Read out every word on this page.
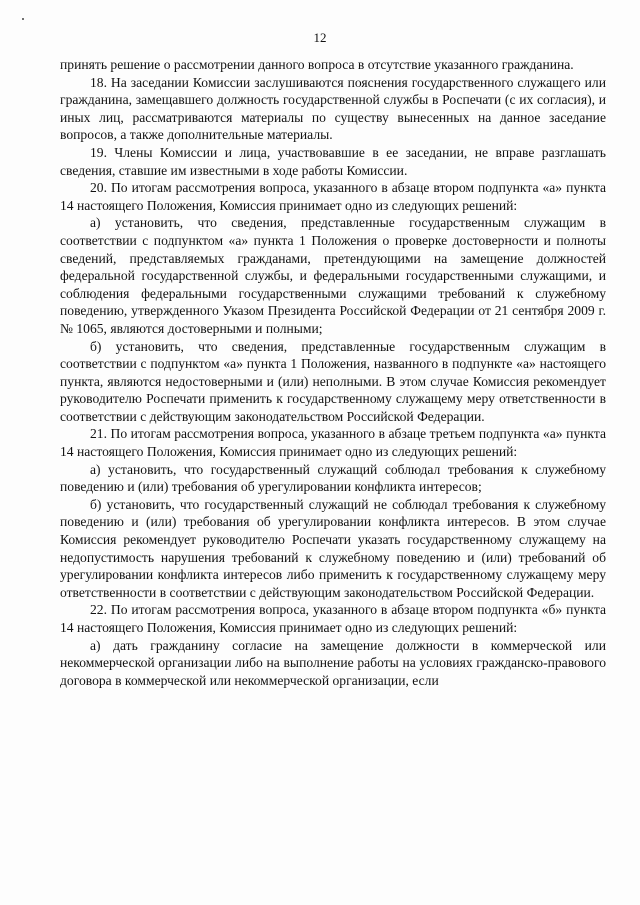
12

принять решение о рассмотрении данного вопроса в отсутствие указанного гражданина.

18. На заседании Комиссии заслушиваются пояснения государственного служащего или гражданина, замещавшего должность государственной службы в Роспечати (с их согласия), и иных лиц, рассматриваются материалы по существу вынесенных на данное заседание вопросов, а также дополнительные материалы.

19. Члены Комиссии и лица, участвовавшие в ее заседании, не вправе разглашать сведения, ставшие им известными в ходе работы Комиссии.

20. По итогам рассмотрения вопроса, указанного в абзаце втором подпункта «а» пункта 14 настоящего Положения, Комиссия принимает одно из следующих решений:

а) установить, что сведения, представленные государственным служащим в соответствии с подпунктом «а» пункта 1 Положения о проверке достоверности и полноты сведений, представляемых гражданами, претендующими на замещение должностей федеральной государственной службы, и федеральными государственными служащими, и соблюдения федеральными государственными служащими требований к служебному поведению, утвержденного Указом Президента Российской Федерации от 21 сентября 2009 г. № 1065, являются достоверными и полными;

б) установить, что сведения, представленные государственным служащим в соответствии с подпунктом «а» пункта 1 Положения, названного в подпункте «а» настоящего пункта, являются недостоверными и (или) неполными. В этом случае Комиссия рекомендует руководителю Роспечати применить к государственному служащему меру ответственности в соответствии с действующим законодательством Российской Федерации.

21. По итогам рассмотрения вопроса, указанного в абзаце третьем подпункта «а» пункта 14 настоящего Положения, Комиссия принимает одно из следующих решений:

а) установить, что государственный служащий соблюдал требования к служебному поведению и (или) требования об урегулировании конфликта интересов;

б) установить, что государственный служащий не соблюдал требования к служебному поведению и (или) требования об урегулировании конфликта интересов. В этом случае Комиссия рекомендует руководителю Роспечати указать государственному служащему на недопустимость нарушения требований к служебному поведению и (или) требований об урегулировании конфликта интересов либо применить к государственному служащему меру ответственности в соответствии с действующим законодательством Российской Федерации.

22. По итогам рассмотрения вопроса, указанного в абзаце втором подпункта «б» пункта 14 настоящего Положения, Комиссия принимает одно из следующих решений:

а) дать гражданину согласие на замещение должности в коммерческой или некоммерческой организации либо на выполнение работы на условиях гражданско-правового договора в коммерческой или некоммерческой организации, если
